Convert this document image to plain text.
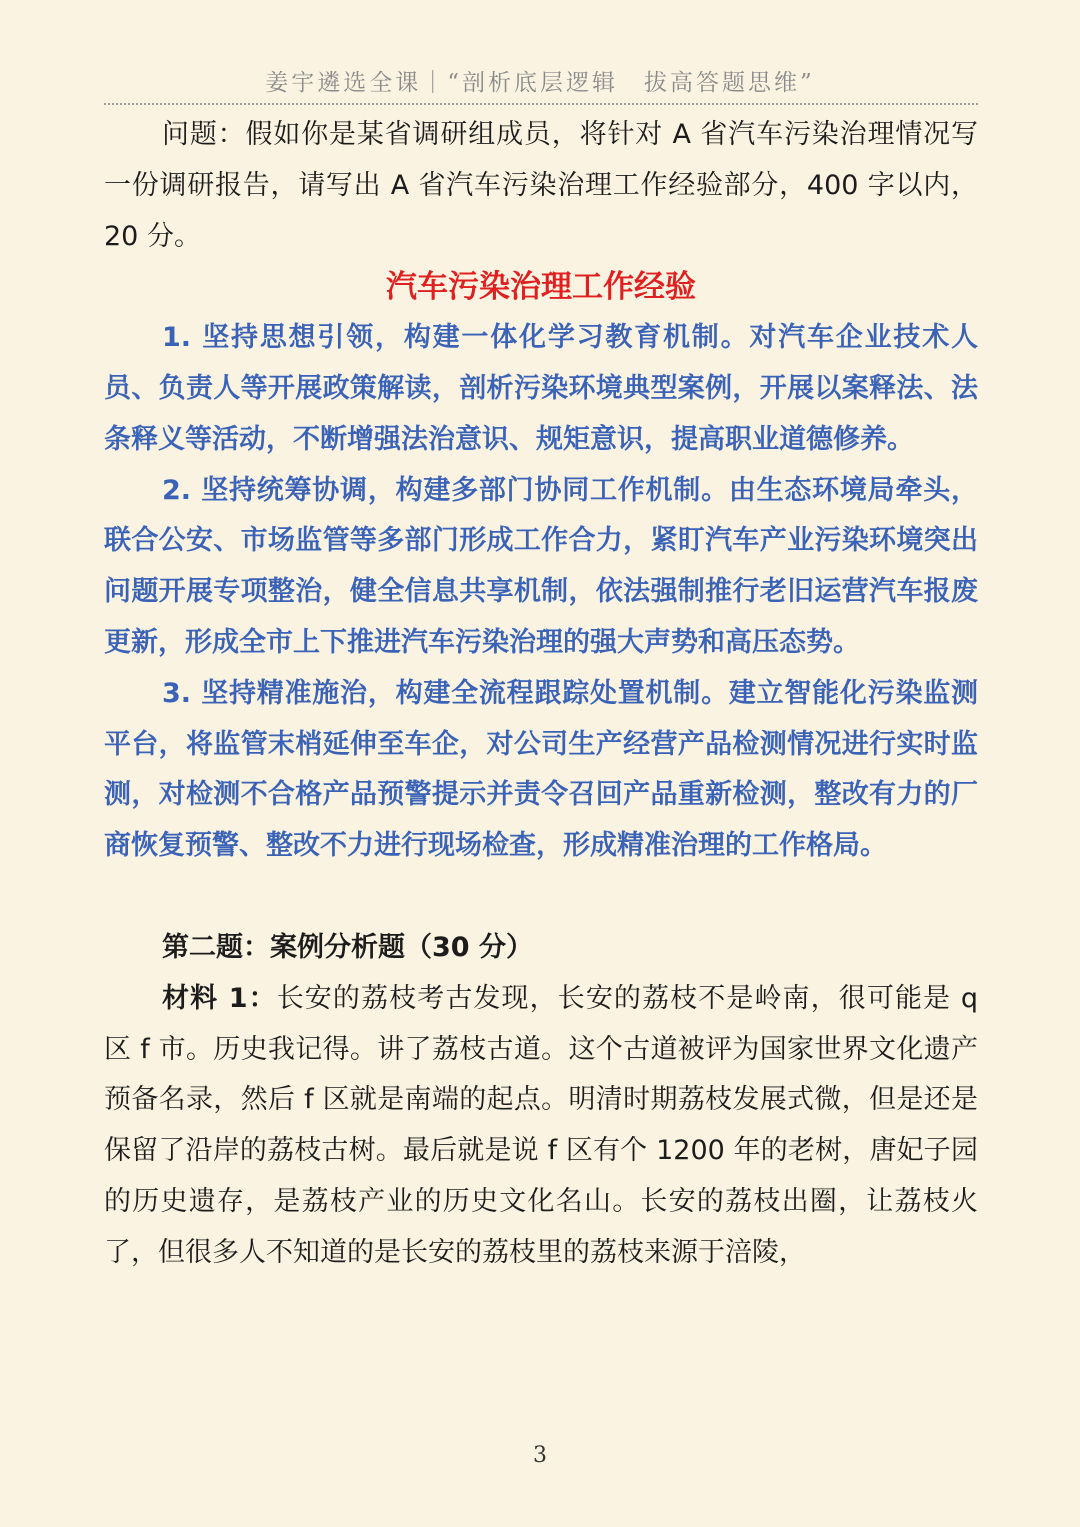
姜宇遴选全课｜“剖析底层逻辑　拔高答题思维”

问题：假如你是某省调研组成员，将针对 A 省汽车污染治理情况写一份调研报告，请写出 A 省汽车污染治理工作经验部分，400 字以内，20 分。

汽车污染治理工作经验

1. 坚持思想引领，构建一体化学习教育机制。对汽车企业技术人员、负责人等开展政策解读，剖析污染环境典型案例，开展以案释法、法条释义等活动，不断增强法治意识、规矩意识，提高职业道德修养。

2. 坚持统筹协调，构建多部门协同工作机制。由生态环境局牵头，联合公安、市场监管等多部门形成工作合力，紧盯汽车产业污染环境突出问题开展专项整治，健全信息共享机制，依法强制推行老旧运营汽车报废更新，形成全市上下推进汽车污染治理的强大声势和高压态势。

3. 坚持精准施治，构建全流程跟踪处置机制。建立智能化污染监测平台，将监管末梢延伸至车企，对公司生产经营产品检测情况进行实时监测，对检测不合格产品预警提示并责令召回产品重新检测，整改有力的厂商恢复预警、整改不力进行现场检查，形成精准治理的工作格局。

第二题：案例分析题（30 分）

材料 1：长安的荔枝考古发现，长安的荔枝不是岭南，很可能是 q 区 f 市。历史我记得。讲了荔枝古道。这个古道被评为国家世界文化遗产预备名录，然后 f 区就是南端的起点。明清时期荔枝发展式微，但是还是保留了沿岸的荔枝古树。最后就是说 f 区有个 1200 年的老树，唐妃子园的历史遗存，是荔枝产业的历史文化名山。长安的荔枝出圈，让荔枝火了，但很多人不知道的是长安的荔枝里的荔枝来源于涪陵，

3
